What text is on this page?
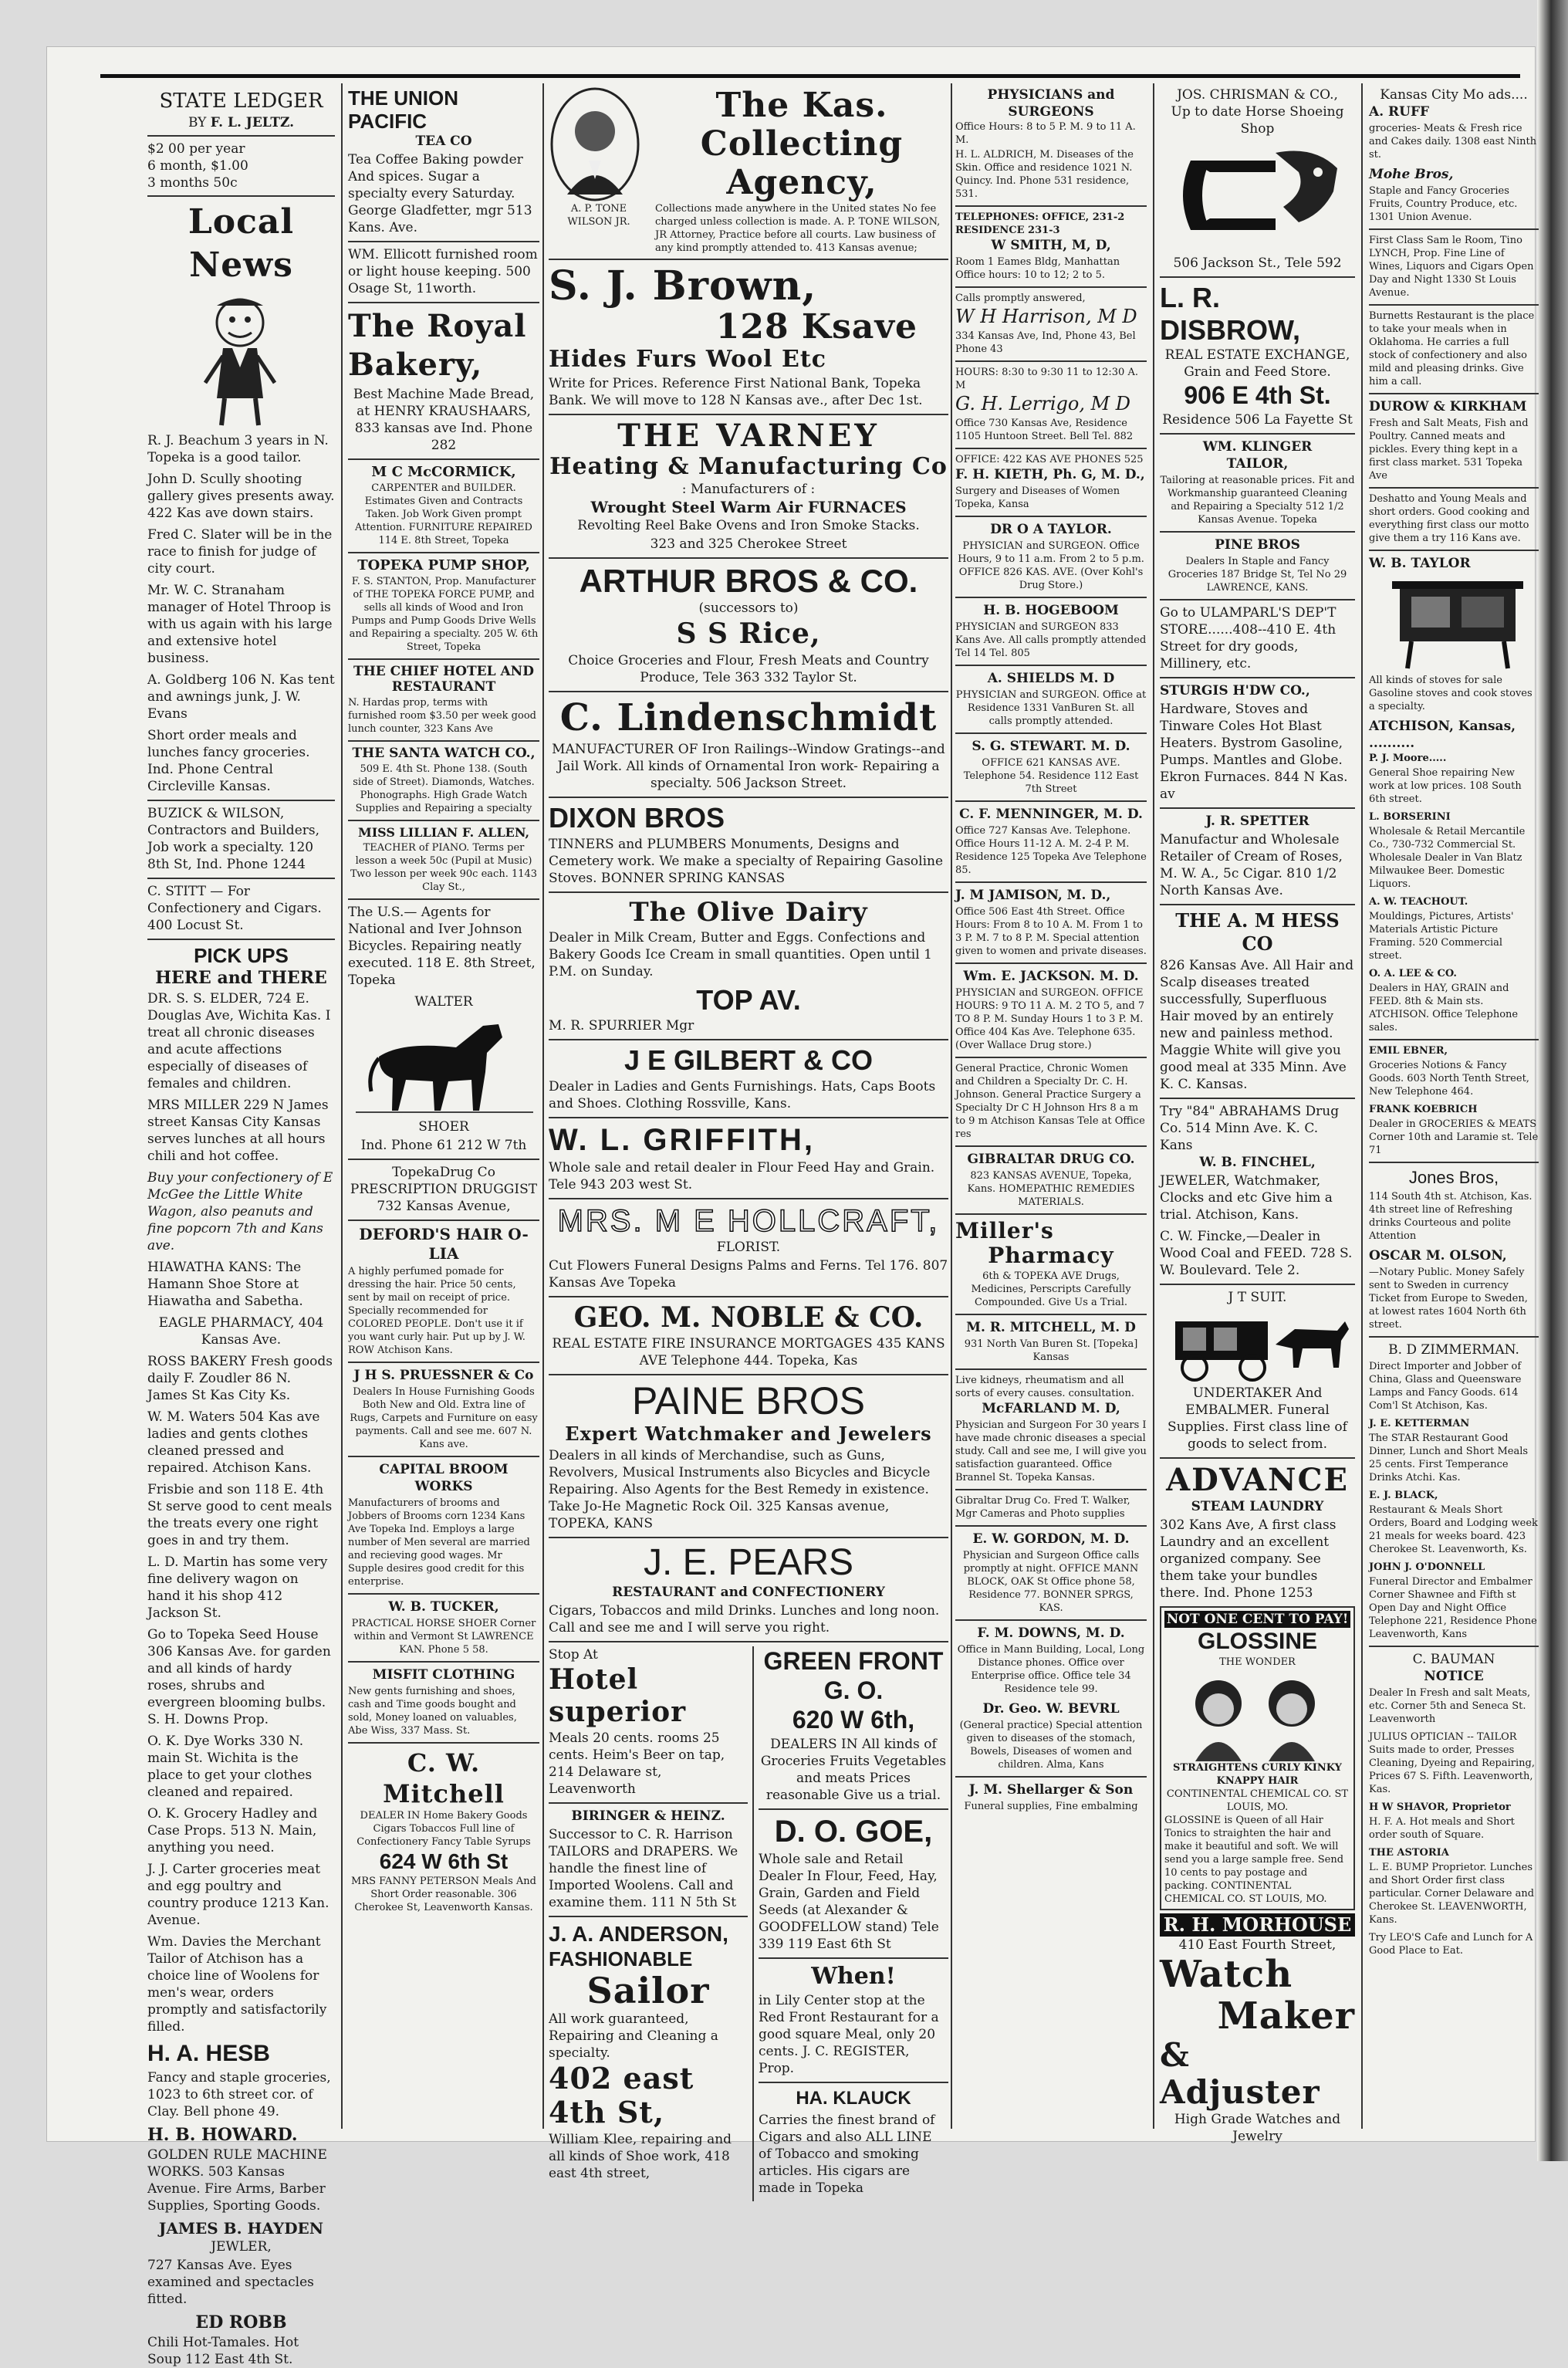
STATE LEDGER
BY F. L. JELTZ.
$2 00 per year
6 month, $1.00
3 months 50c
Local News
R. J. Beachum 3 years in N. Topeka is a good tailor.
John D. Scully shooting gallery gives presents away. 422 Kas ave down stairs.
Fred C. Slater will be in the race to finish for judge of city court.
Mr. W. C. Stranaham manager of Hotel Throop is with us again with his large and extensive hotel business.
A. Goldberg 106 N. Kas tent and awnings junk, J. W. Evans
Short order meals and lunches fancy groceries. Ind. Phone Central Circleville Kansas.
BUZICK & WILSON, Contractors and Builders, Job work a specialty. 120 8th St, Ind. Phone 1244
C. STITT — For Confectionery and Cigars. 400 Locust St.
PICK UPS
HERE and THERE
DR. S. S. ELDER, 724 E. Douglas Ave, Wichita Kas. I treat all chronic diseases and acute affections especially of diseases of females and children.
MRS MILLER 229 N James street Kansas City Kansas serves lunches at all hours chili and hot coffee.
Buy your confectionery of E McGee the Little White Wagon, also peanuts and fine popcorn 7th and Kans ave.
HIAWATHA KANS: The Hamann Shoe Store at Hiawatha and Sabetha.
EAGLE PHARMACY, 404 Kansas Ave.
ROSS BAKERY Fresh goods daily F. Zoudler 86 N. James St Kas City Ks.
W. M. Waters 504 Kas ave ladies and gents clothes cleaned pressed and repaired. Atchison Kans.
Frisbie and son 118 E. 4th St serve good to cent meals the treats every one right goes in and try them.
L. D. Martin has some very fine delivery wagon on hand it his shop 412 Jackson St.
Go to Topeka Seed House 306 Kansas Ave. for garden and all kinds of hardy roses, shrubs and evergreen blooming bulbs. S. H. Downs Prop.
O. K. Dye Works 330 N. main St. Wichita is the place to get your clothes cleaned and repaired.
O. K. Grocery Hadley and Case Props. 513 N. Main, anything you need.
J. J. Carter groceries meat and egg poultry and country produce 1213 Kan. Avenue.
Wm. Davies the Merchant Tailor of Atchison has a choice line of Woolens for men's wear, orders promptly and satisfactorily filled.
H. A. HESB
Fancy and staple groceries, 1023 to 6th street cor. of Clay. Bell phone 49.
H. B. HOWARD.
GOLDEN RULE MACHINE WORKS. 503 Kansas Avenue. Fire Arms, Barber Supplies, Sporting Goods.
JAMES B. HAYDEN
JEWLER,
727 Kansas Ave. Eyes examined and spectacles fitted.
ED ROBB
Chili Hot-Tamales. Hot Soup 112 East 4th St.
THE UNION PACIFIC
TEA CO
Tea Coffee Baking powder And spices. Sugar a specialty every Saturday. George Gladfetter, mgr 513 Kans. Ave.
WM. Ellicott furnished room or light house keeping. 500 Osage St, 11worth.
The Royal Bakery,
Best Machine Made Bread, at HENRY KRAUSHAARS, 833 kansas ave Ind. Phone 282
M C McCORMICK,
CARPENTER and BUILDER. Estimates Given and Contracts Taken. Job Work Given prompt Attention. FURNITURE REPAIRED 114 E. 8th Street, Topeka
TOPEKA PUMP SHOP,
F. S. STANTON, Prop. Manufacturer of THE TOPEKA FORCE PUMP, and sells all kinds of Wood and Iron Pumps and Pump Goods Drive Wells and Repairing a specialty. 205 W. 6th Street, Topeka
THE CHIEF HOTEL AND RESTAURANT
N. Hardas prop, terms with furnished room $3.50 per week good lunch counter, 323 Kans Ave
THE SANTA WATCH CO.,
509 E. 4th St. Phone 138. (South side of Street). Diamonds, Watches. Phonographs. High Grade Watch Supplies and Repairing a specialty
MISS LILLIAN F. ALLEN,
TEACHER of PIANO. Terms per lesson a week 50c (Pupil at Music) Two lesson per week 90c each. 1143 Clay St.,
The U.S.— Agents for National and Iver Johnson Bicycles. Repairing neatly executed. 118 E. 8th Street, Topeka
WALTER
SHOER
Ind. Phone 61 212 W 7th
TopekaDrug Co PRESCRIPTION DRUGGIST 732 Kansas Avenue,
DEFORD'S HAIR O-LIA
A highly perfumed pomade for dressing the hair. Price 50 cents, sent by mail on receipt of price. Specially recommended for COLORED PEOPLE. Don't use it if you want curly hair. Put up by J. W. ROW Atchison Kans.
J H S. PRUESSNER & Co
Dealers In House Furnishing Goods Both New and Old. Extra line of Rugs, Carpets and Furniture on easy payments. Call and see me. 607 N. Kans ave.
CAPITAL BROOM WORKS
Manufacturers of brooms and Jobbers of Brooms corn 1234 Kans Ave Topeka Ind. Employs a large number of Men several are married and recieving good wages. Mr Supple desires good credit for this enterprise.
W. B. TUCKER,
PRACTICAL HORSE SHOER Corner within and Vermont St LAWRENCE KAN. Phone 5 58.
MISFIT CLOTHING
New gents furnishing and shoes, cash and Time goods bought and sold, Money loaned on valuables, Abe Wiss, 337 Mass. St.
C. W. Mitchell
DEALER IN Home Bakery Goods Cigars Tobaccos Full line of Confectionery Fancy Table Syrups
624 W 6th St
MRS FANNY PETERSON Meals And Short Order reasonable. 306 Cherokee St, Leavenworth Kansas.
A. P. TONE WILSON JR.
The Kas. Collecting Agency,
Collections made anywhere in the United states No fee charged unless collection is made. A. P. TONE WILSON, JR Attorney, Practice before all courts. Law business of any kind promptly attended to. 413 Kansas avenue;
S. J. Brown,
128 Ksave
Hides Furs Wool Etc
Write for Prices. Reference First National Bank, Topeka Bank. We will move to 128 N Kansas ave., after Dec 1st.
THE VARNEY
Heating & Manufacturing Co
: Manufacturers of :
Wrought Steel Warm Air FURNACES
Revolting Reel Bake Ovens and Iron Smoke Stacks.
323 and 325 Cherokee Street
ARTHUR BROS & CO.
(successors to)
S S Rice,
Choice Groceries and Flour, Fresh Meats and Country Produce, Tele 363 332 Taylor St.
C. Lindenschmidt
MANUFACTURER OF Iron Railings--Window Gratings--and Jail Work. All kinds of Ornamental Iron work- Repairing a specialty. 506 Jackson Street.
DIXON BROS
TINNERS and PLUMBERS Monuments, Designs and Cemetery work. We make a specialty of Repairing Gasoline Stoves. BONNER SPRING KANSAS
The Olive Dairy
Dealer in Milk Cream, Butter and Eggs. Confections and Bakery Goods Ice Cream in small quantities. Open until 1 P.M. on Sunday.
TOP AV.
M. R. SPURRIER Mgr
J E GILBERT & CO
Dealer in Ladies and Gents Furnishings. Hats, Caps Boots and Shoes. Clothing Rossville, Kans.
W. L. GRIFFITH,
Whole sale and retail dealer in Flour Feed Hay and Grain. Tele 943 203 west St.
MRS. M E HOLLCRAFT,
FLORIST.
Cut Flowers Funeral Designs Palms and Ferns. Tel 176. 807 Kansas Ave Topeka
GEO. M. NOBLE & CO.
REAL ESTATE FIRE INSURANCE MORTGAGES 435 KANS AVE Telephone 444. Topeka, Kas
PAINE BROS
Expert Watchmaker and Jewelers
Dealers in all kinds of Merchandise, such as Guns, Revolvers, Musical Instruments also Bicycles and Bicycle Repairing. Also Agents for the Best Remedy in existence. Take Jo-He Magnetic Rock Oil. 325 Kansas avenue, TOPEKA, KANS
J. E. PEARS
RESTAURANT and CONFECTIONERY
Cigars, Tobaccos and mild Drinks. Lunches and long noon. Call and see me and I will serve you right.
Stop At
Hotel superior
Meals 20 cents. rooms 25 cents. Heim's Beer on tap, 214 Delaware st, Leavenworth
BIRINGER & HEINZ.
Successor to C. R. Harrison TAILORS and DRAPERS. We handle the finest line of Imported Woolens. Call and examine them. 111 N 5th St
J. A. ANDERSON,
FASHIONABLE
Sailor
All work guaranteed, Repairing and Cleaning a specialty.
402 east 4th St,
William Klee, repairing and all kinds of Shoe work, 418 east 4th street,
GREEN FRONT G. O.
620 W 6th,
DEALERS IN All kinds of Groceries Fruits Vegetables and meats Prices reasonable Give us a trial.
D. O. GOE,
Whole sale and Retail Dealer In Flour, Feed, Hay, Grain, Garden and Field Seeds (at Alexander & GOODFELLOW stand) Tele 339 119 East 6th St
When!
in Lily Center stop at the Red Front Restaurant for a good square Meal, only 20 cents. J. C. REGISTER, Prop.
HA. KLAUCK
Carries the finest brand of Cigars and also ALL LINE of Tobacco and smoking articles. His cigars are made in Topeka
PHYSICIANS and SURGEONS
Office Hours: 8 to 5 P. M. 9 to 11 A. M.
H. L. ALDRICH, M. Diseases of the Skin. Office and residence 1021 N. Quincy. Ind. Phone 531 residence, 531.
TELEPHONES: OFFICE, 231-2 RESIDENCE 231-3
W SMITH, M, D,
Room 1 Eames Bldg, Manhattan Office hours: 10 to 12; 2 to 5.
Calls promptly answered,
W H Harrison, M D
334 Kansas Ave, Ind, Phone 43, Bel Phone 43
HOURS: 8:30 to 9:30 11 to 12:30 A. M
G. H. Lerrigo, M D
Office 730 Kansas Ave, Residence 1105 Huntoon Street. Bell Tel. 882
OFFICE: 422 KAS AVE PHONES 525
F. H. KIETH, Ph. G, M. D.,
Surgery and Diseases of Women Topeka, Kansa
DR O A TAYLOR.
PHYSICIAN and SURGEON. Office Hours, 9 to 11 a.m. From 2 to 5 p.m. OFFICE 826 KAS. AVE. (Over Kohl's Drug Store.)
H. B. HOGEBOOM
PHYSICIAN and SURGEON 833 Kans Ave. All calls promptly attended Tel 14 Tel. 805
A. SHIELDS M. D
PHYSICIAN and SURGEON. Office at Residence 1331 VanBuren St. all calls promptly attended.
S. G. STEWART. M. D.
OFFICE 621 KANSAS AVE. Telephone 54. Residence 112 East 7th Street
C. F. MENNINGER, M. D.
Office 727 Kansas Ave. Telephone. Office Hours 11-12 A. M. 2-4 P. M. Residence 125 Topeka Ave Telephone 85.
J. M JAMISON, M. D.,
Office 506 East 4th Street. Office Hours: From 8 to 10 A. M. From 1 to 3 P. M. 7 to 8 P. M. Special attention given to women and private diseases.
Wm. E. JACKSON. M. D.
PHYSICIAN and SURGEON. OFFICE HOURS: 9 TO 11 A. M. 2 TO 5, and 7 TO 8 P. M. Sunday Hours 1 to 3 P. M. Office 404 Kas Ave. Telephone 635. (Over Wallace Drug store.)
General Practice, Chronic Women and Children a Specialty Dr. C. H. Johnson. General Practice Surgery a Specialty Dr C H Johnson Hrs 8 a m to 9 m Atchison Kansas Tele at Office res
GIBRALTAR DRUG CO.
823 KANSAS AVENUE, Topeka, Kans. HOMEPATHIC REMEDIES MATERIALS.
Miller's
Pharmacy
6th & TOPEKA AVE Drugs, Medicines, Perscripts Carefully Compounded. Give Us a Trial.
M. R. MITCHELL, M. D
931 North Van Buren St. [Topeka] Kansas
Live kidneys, rheumatism and all sorts of every causes. consultation.
McFARLAND M. D,
Physician and Surgeon For 30 years I have made chronic diseases a special study. Call and see me, I will give you satisfaction guaranteed. Office Brannel St. Topeka Kansas.
Gibraltar Drug Co. Fred T. Walker, Mgr Cameras and Photo supplies
E. W. GORDON, M. D.
Physician and Surgeon Office calls promptly at night. OFFICE MANN BLOCK, OAK St Office phone 58, Residence 77. BONNER SPRGS, KAS.
F. M. DOWNS, M. D.
Office in Mann Building, Local, Long Distance phones. Office over Enterprise office. Office tele 34 Residence tele 99.
Dr. Geo. W. BEVRL
(General practice) Special attention given to diseases of the stomach, Bowels, Diseases of women and children. Alma, Kans
J. M. Shellarger & Son
Funeral supplies, Fine embalming
JOS. CHRISMAN & CO.,
Up to date Horse Shoeing Shop
506 Jackson St., Tele 592
L. R. DISBROW,
REAL ESTATE EXCHANGE, Grain and Feed Store.
906 E 4th St.
Residence 506 La Fayette St
WM. KLINGER
TAILOR,
Tailoring at reasonable prices. Fit and Workmanship guaranteed Cleaning and Repairing a Specialty 512 1/2 Kansas Avenue. Topeka
PINE BROS
Dealers In Staple and Fancy Groceries 187 Bridge St, Tel No 29 LAWRENCE, KANS.
Go to ULAMPARL'S DEP'T STORE......408--410 E. 4th Street for dry goods, Millinery, etc.
STURGIS H'DW CO.,
Hardware, Stoves and Tinware Coles Hot Blast Heaters. Bystrom Gasoline, Pumps. Mantles and Globe. Ekron Furnaces. 844 N Kas. av
J. R. SPETTER
Manufactur and Wholesale Retailer of Cream of Roses, M. W. A., 5c Cigar. 810 1/2 North Kansas Ave.
THE A. M HESS CO
826 Kansas Ave. All Hair and Scalp diseases treated successfully, Superfluous Hair moved by an entirely new and painless method. Maggie White will give you good meal at 335 Minn. Ave K. C. Kansas.
Try "84" ABRAHAMS Drug Co. 514 Minn Ave. K. C. Kans
W. B. FINCHEL,
JEWELER, Watchmaker, Clocks and etc Give him a trial. Atchison, Kans.
C. W. Fincke,—Dealer in Wood Coal and FEED. 728 S. W. Boulevard. Tele 2.
J T SUIT.
UNDERTAKER And EMBALMER. Funeral Supplies. First class line of goods to select from.
ADVANCE
STEAM LAUNDRY
302 Kans Ave, A first class Laundry and an excellent organized company. See them take your bundles there. Ind. Phone 1253
NOT ONE CENT TO PAY!
GLOSSINE
THE WONDER
STRAIGHTENS CURLY KINKY KNAPPY HAIR
CONTINENTAL CHEMICAL CO. ST LOUIS, MO.
GLOSSINE is Queen of all Hair Tonics to straighten the hair and make it beautiful and soft. We will send you a large sample free. Send 10 cents to pay postage and packing. CONTINENTAL CHEMICAL CO. ST LOUIS, MO.
R. H. MORHOUSE
410 East Fourth Street,
Watch
Maker
& Adjuster
High Grade Watches and Jewelry
Kansas City Mo ads....
A. RUFF
groceries- Meats & Fresh rice and Cakes daily. 1308 east Ninth st.
Mohe Bros,
Staple and Fancy Groceries Fruits, Country Produce, etc. 1301 Union Avenue.
First Class Sam le Room, Tino LYNCH, Prop. Fine Line of Wines, Liquors and Cigars Open Day and Night 1330 St Louis Avenue.
Burnetts Restaurant is the place to take your meals when in Oklahoma. He carries a full stock of confectionery and also mild and pleasing drinks. Give him a call.
DUROW & KIRKHAM
Fresh and Salt Meats, Fish and Poultry. Canned meats and pickles. Every thing kept in a first class market. 531 Topeka Ave
Deshatto and Young Meals and short orders. Good cooking and everything first class our motto give them a try 116 Kans ave.
W. B. TAYLOR
All kinds of stoves for sale Gasoline stoves and cook stoves a specialty.
ATCHISON, Kansas, ..........
P. J. Moore.....
General Shoe repairing New work at low prices. 108 South 6th street.
L. BORSERINI
Wholesale & Retail Mercantile Co., 730-732 Commercial St. Wholesale Dealer in Van Blatz Milwaukee Beer. Domestic Liquors.
A. W. TEACHOUT.
Mouldings, Pictures, Artists' Materials Artistic Picture Framing. 520 Commercial street.
O. A. LEE & CO.
Dealers in HAY, GRAIN and FEED. 8th & Main sts. ATCHISON. Office Telephone sales.
EMIL EBNER,
Groceries Notions & Fancy Goods. 603 North Tenth Street, New Telephone 464.
FRANK KOEBRICH
Dealer in GROCERIES & MEATS Corner 10th and Laramie st. Tele 71
Jones Bros,
114 South 4th st. Atchison, Kas. 4th street line of Refreshing drinks Courteous and polite Attention
OSCAR M. OLSON,
—Notary Public. Money Safely sent to Sweden in currency Ticket from Europe to Sweden, at lowest rates 1604 North 6th street.
B. D ZIMMERMAN.
Direct Importer and Jobber of China, Glass and Queensware Lamps and Fancy Goods. 614 Com'l St Atchison, Kas.
J. E. KETTERMAN
The STAR Restaurant Good Dinner, Lunch and Short Meals 25 cents. First Temperance Drinks Atchi. Kas.
E. J. BLACK,
Restaurant & Meals Short Orders, Board and Lodging week 21 meals for weeks board. 423 Cherokee St. Leavenworth, Ks.
JOHN J. O'DONNELL
Funeral Director and Embalmer Corner Shawnee and Fifth st Open Day and Night Office Telephone 221, Residence Phone Leavenworth, Kans
C. BAUMAN
NOTICE
Dealer In Fresh and salt Meats, etc. Corner 5th and Seneca St. Leavenworth
JULIUS OPTICIAN -- TAILOR Suits made to order, Presses Cleaning, Dyeing and Repairing, Prices 67 S. Fifth. Leavenworth, Kas.
H W SHAVOR, Proprietor
H. F. A. Hot meals and Short order south of Square.
THE ASTORIA
L. E. BUMP Proprietor. Lunches and Short Order first class particular. Corner Delaware and Cherokee St. LEAVENWORTH, Kans.
Try LEO'S Cafe and Lunch for A Good Place to Eat.
